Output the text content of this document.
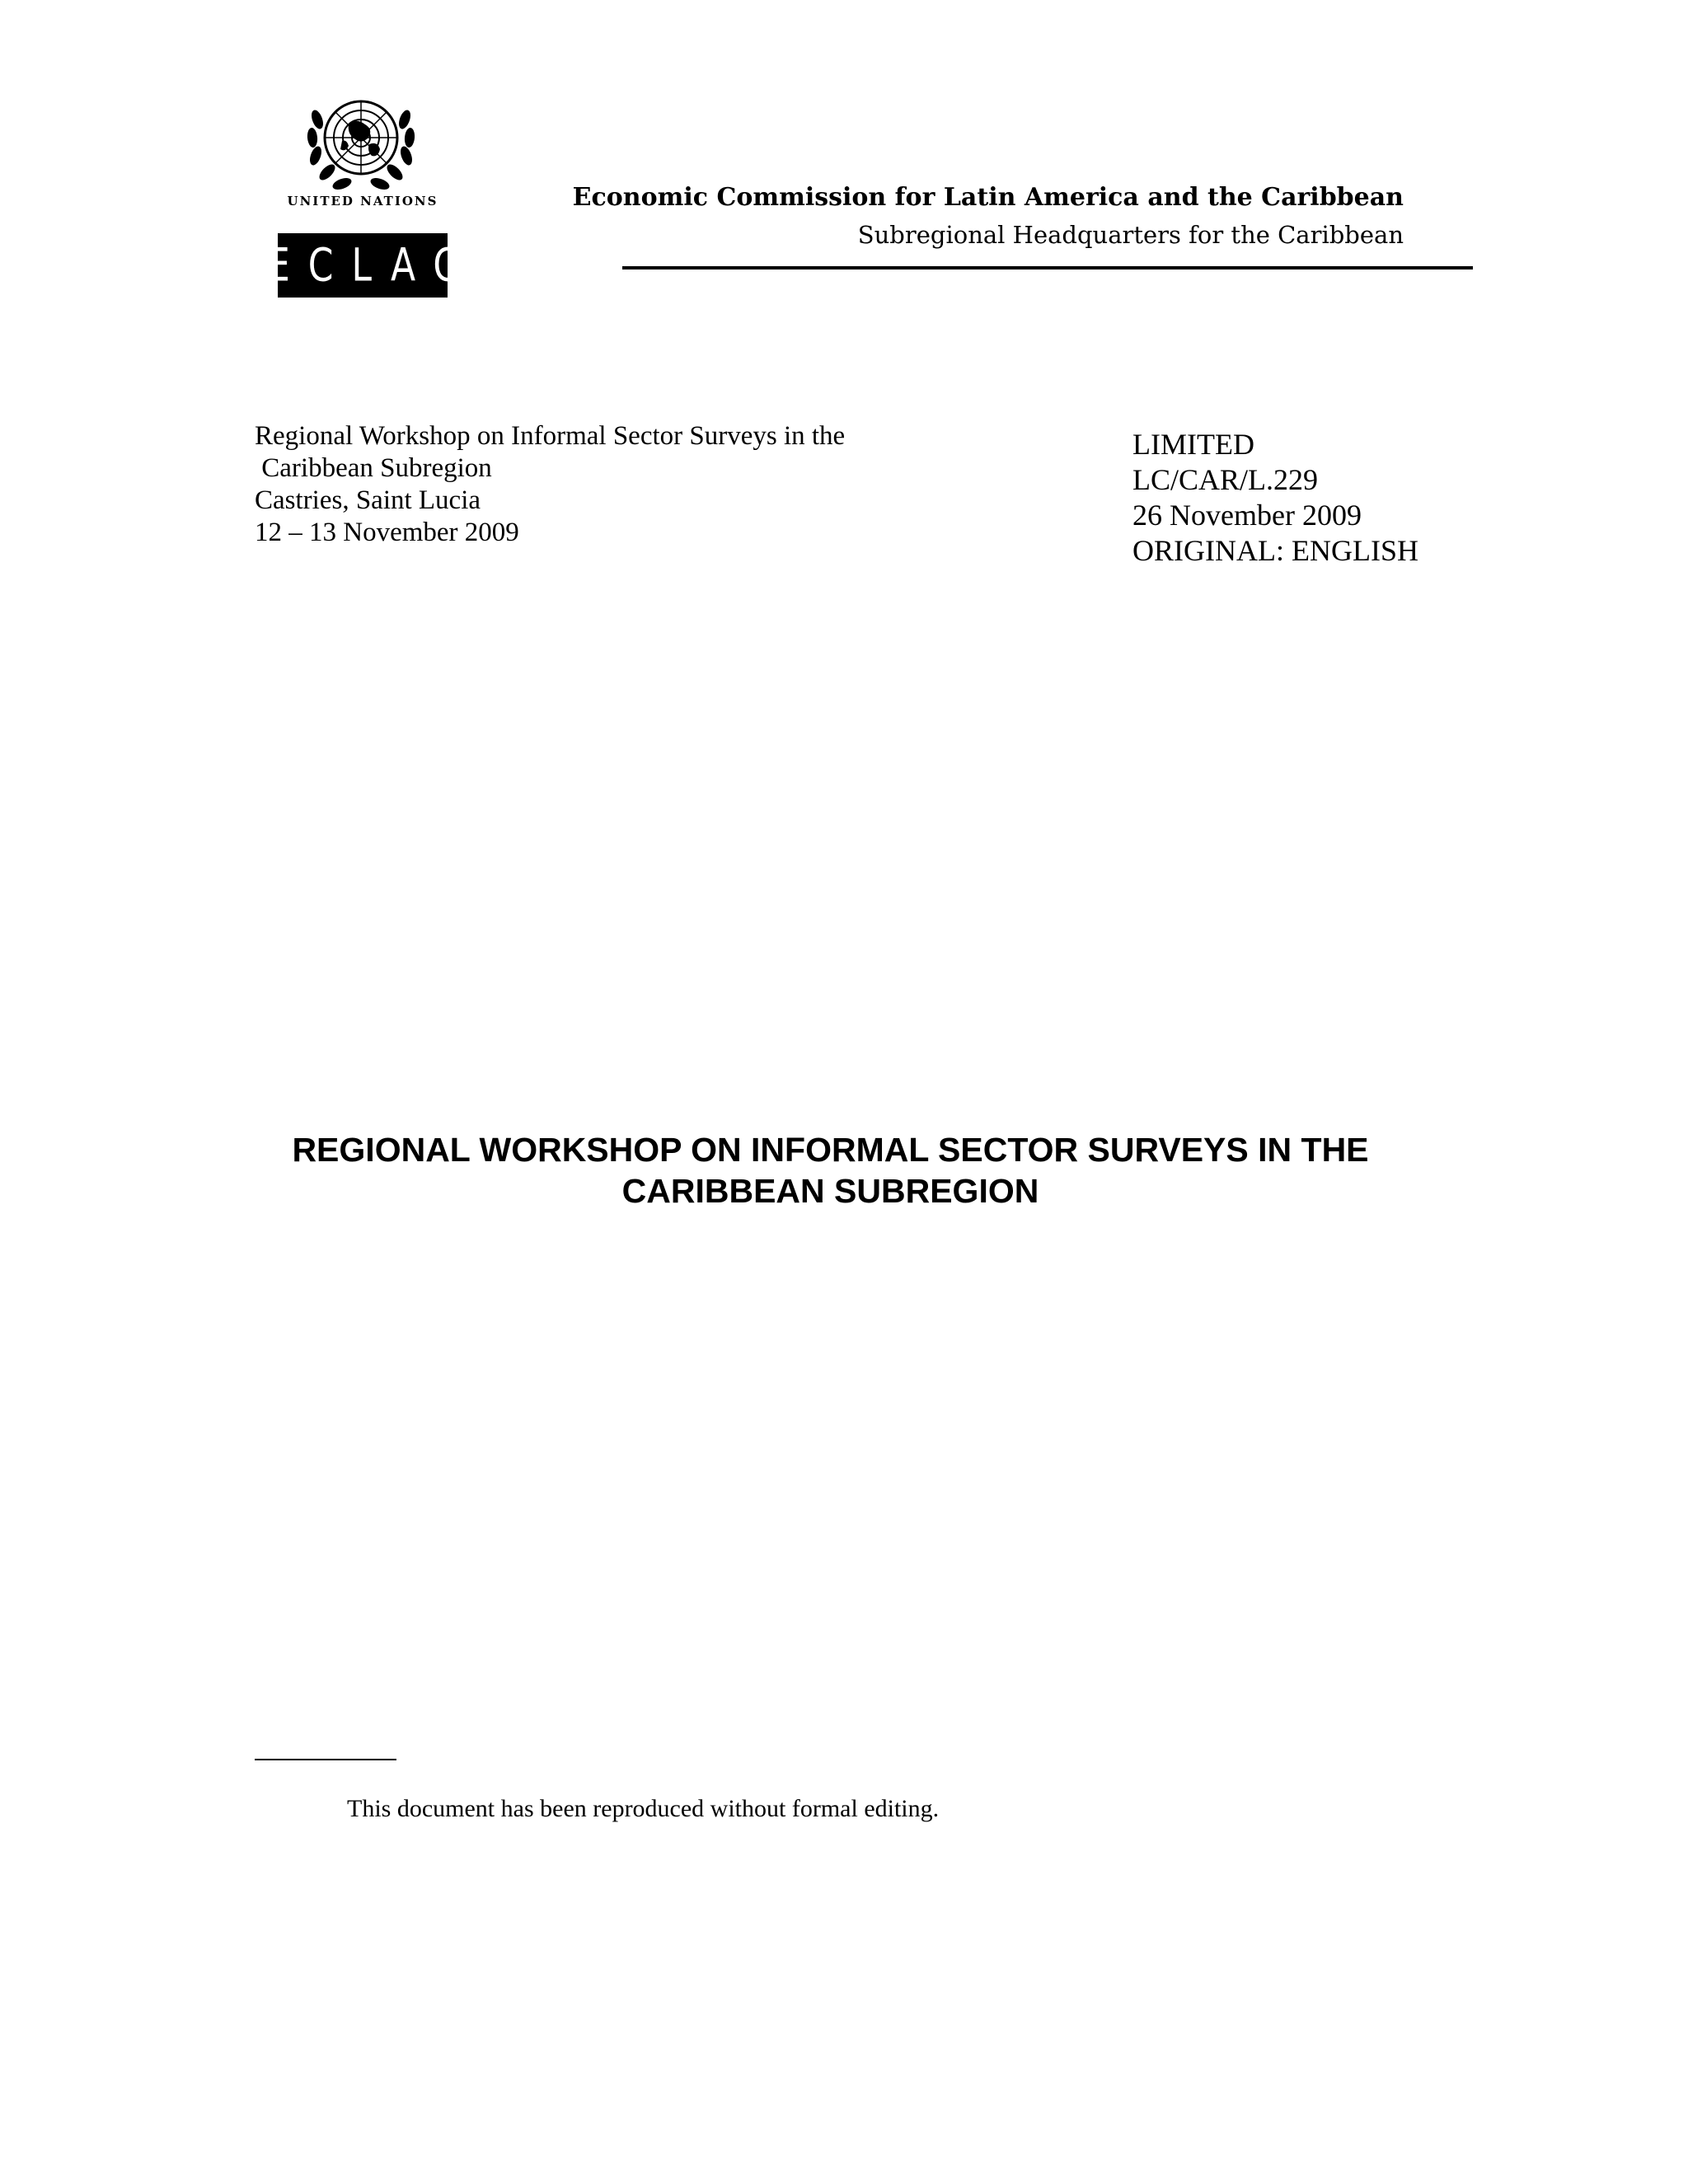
UNITED NATIONS
ECLAC
Economic Commission for Latin America and the Caribbean
Subregional Headquarters for the Caribbean
Regional Workshop on Informal Sector Surveys in the
Caribbean Subregion
Castries, Saint Lucia
12 – 13 November 2009
LIMITED
LC/CAR/L.229
26 November 2009
ORIGINAL: ENGLISH
REGIONAL WORKSHOP ON INFORMAL SECTOR SURVEYS IN THE
CARIBBEAN SUBREGION
This document has been reproduced without formal editing.
